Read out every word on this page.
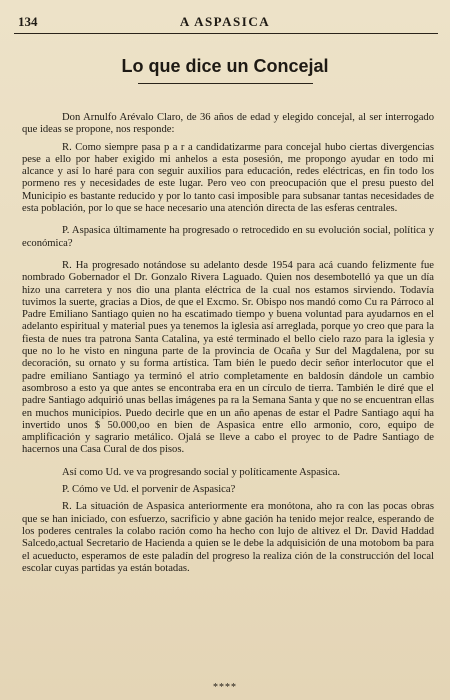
134	A ASPASICA
Lo que dice un Concejal

Don Arnulfo Arévalo Claro, de 36 años de edad y elegido concejal, al ser interrogado que ideas se propone, nos responde:

R. Como siempre pasa p a r a candidatizarme para concejal hubo ciertas divergencias pese a ello por haber exigido mi anhelos a esta posesión, me propongo ayudar en todo mi alcance y así lo haré para con seguir auxilios para educación, redes eléctricas, en fin todo los pormeno res y necesidades de este lugar. Pero veo con preocupación que el presu puesto del Municipio es bastante reducido y por lo tanto casi imposible para subsanar tantas necesidades de esta población, por lo que se hace necesario una atención directa de las esferas centrales.

P. Aspasica últimamente ha progresado o retrocedido en su evolución social, política y económica?

R. Ha progresado notándose su adelanto desde 1954 para acá cuando felizmente fue nombrado Gobernador el Dr. Gonzalo Rivera Laguado. Quien nos desembotelló ya que un día hizo una carretera y nos dio una planta eléctrica de la cual nos estamos sirviendo. Todavía tuvimos la suerte, gracias a Dios, de que el Excmo. Sr. Obispo nos mandó como Cu ra Párroco al Padre Emiliano Santiago quien no ha escatimado tiempo y buena voluntad para ayudarnos en el adelanto espiritual y material pues ya tenemos la iglesia así arreglada, porque yo creo que para la fiesta de nues tra patrona Santa Catalina, ya esté terminado el bello cielo razo para la iglesia y que no lo he visto en ninguna parte de la provincia de Ocaña y Sur del Magdalena, por su decoración, su ornato y su forma artística. Tam bién le puedo decir señor interlocutor que el padre emiliano Santiago ya terminó el atrio completamente en baldosín dándole un cambio asombroso a esto ya que antes se encontraba era en un círculo de tierra. También le diré que el padre Santiago adquirió unas bellas imágenes pa ra la Semana Santa y que no se encuentran ellas en muchos municipios. Puedo decirle que en un año apenas de estar el Padre Santiago aquí ha invertido unos $ 50.000,oo en bien de Aspasica entre ello armonio, coro, equipo de amplificación y sagrario metálico. Ojalá se lleve a cabo el proyec to de Padre Santiago de hacernos una Casa Cural de dos pisos.

Así como Ud. ve va progresando social y políticamente Aspasica.

P. Cómo ve Ud. el porvenir de Aspasica?

R. La situación de Aspasica anteriormente era monótona, aho ra con las pocas obras que se han iniciado, con esfuerzo, sacrificio y abne gación ha tenido mejor realce, esperando de los poderes centrales la colabo ración como ha hecho con lujo de altivez el Dr. David Haddad Salcedo,actual Secretario de Hacienda a quien se le debe la adquisición de una motobom ba para el acueducto, esperamos de este paladín del progreso la realiza ción de la construcción del local escolar cuyas partidas ya están botadas.

****
